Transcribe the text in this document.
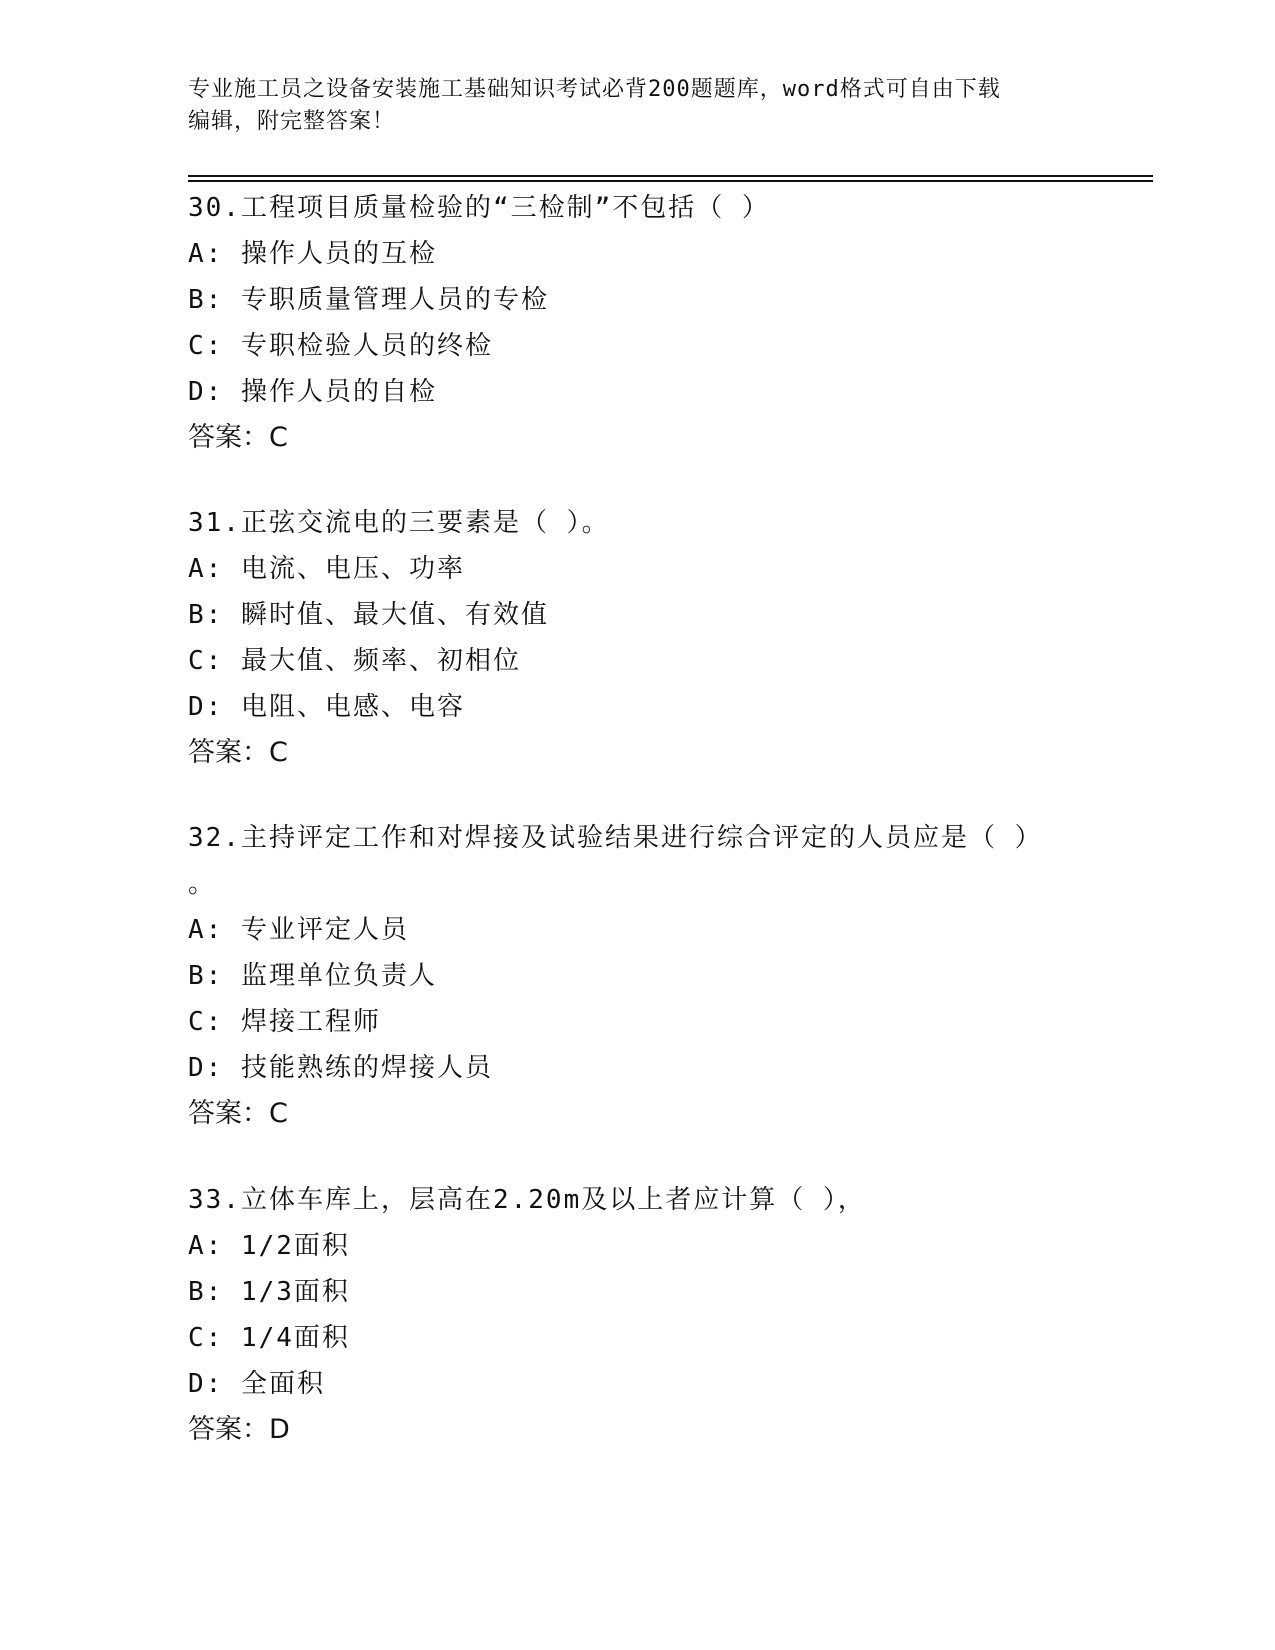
专业施工员之设备安装施工基础知识考试必背200题题库，word格式可自由下载
编辑，附完整答案！
30.工程项目质量检验的“三检制”不包括（ ）
A: 操作人员的互检
B: 专职质量管理人员的专检
C: 专职检验人员的终检
D: 操作人员的自检
答案：C
31.正弦交流电的三要素是（ ）。
A: 电流、电压、功率
B: 瞬时值、最大值、有效值
C: 最大值、频率、初相位
D: 电阻、电感、电容
答案：C
32.主持评定工作和对焊接及试验结果进行综合评定的人员应是（ ）
。
A: 专业评定人员
B: 监理单位负责人
C: 焊接工程师
D: 技能熟练的焊接人员
答案：C
33.立体车库上，层高在2.20m及以上者应计算（ ），
A: 1/2面积
B: 1/3面积
C: 1/4面积
D: 全面积
答案：D
